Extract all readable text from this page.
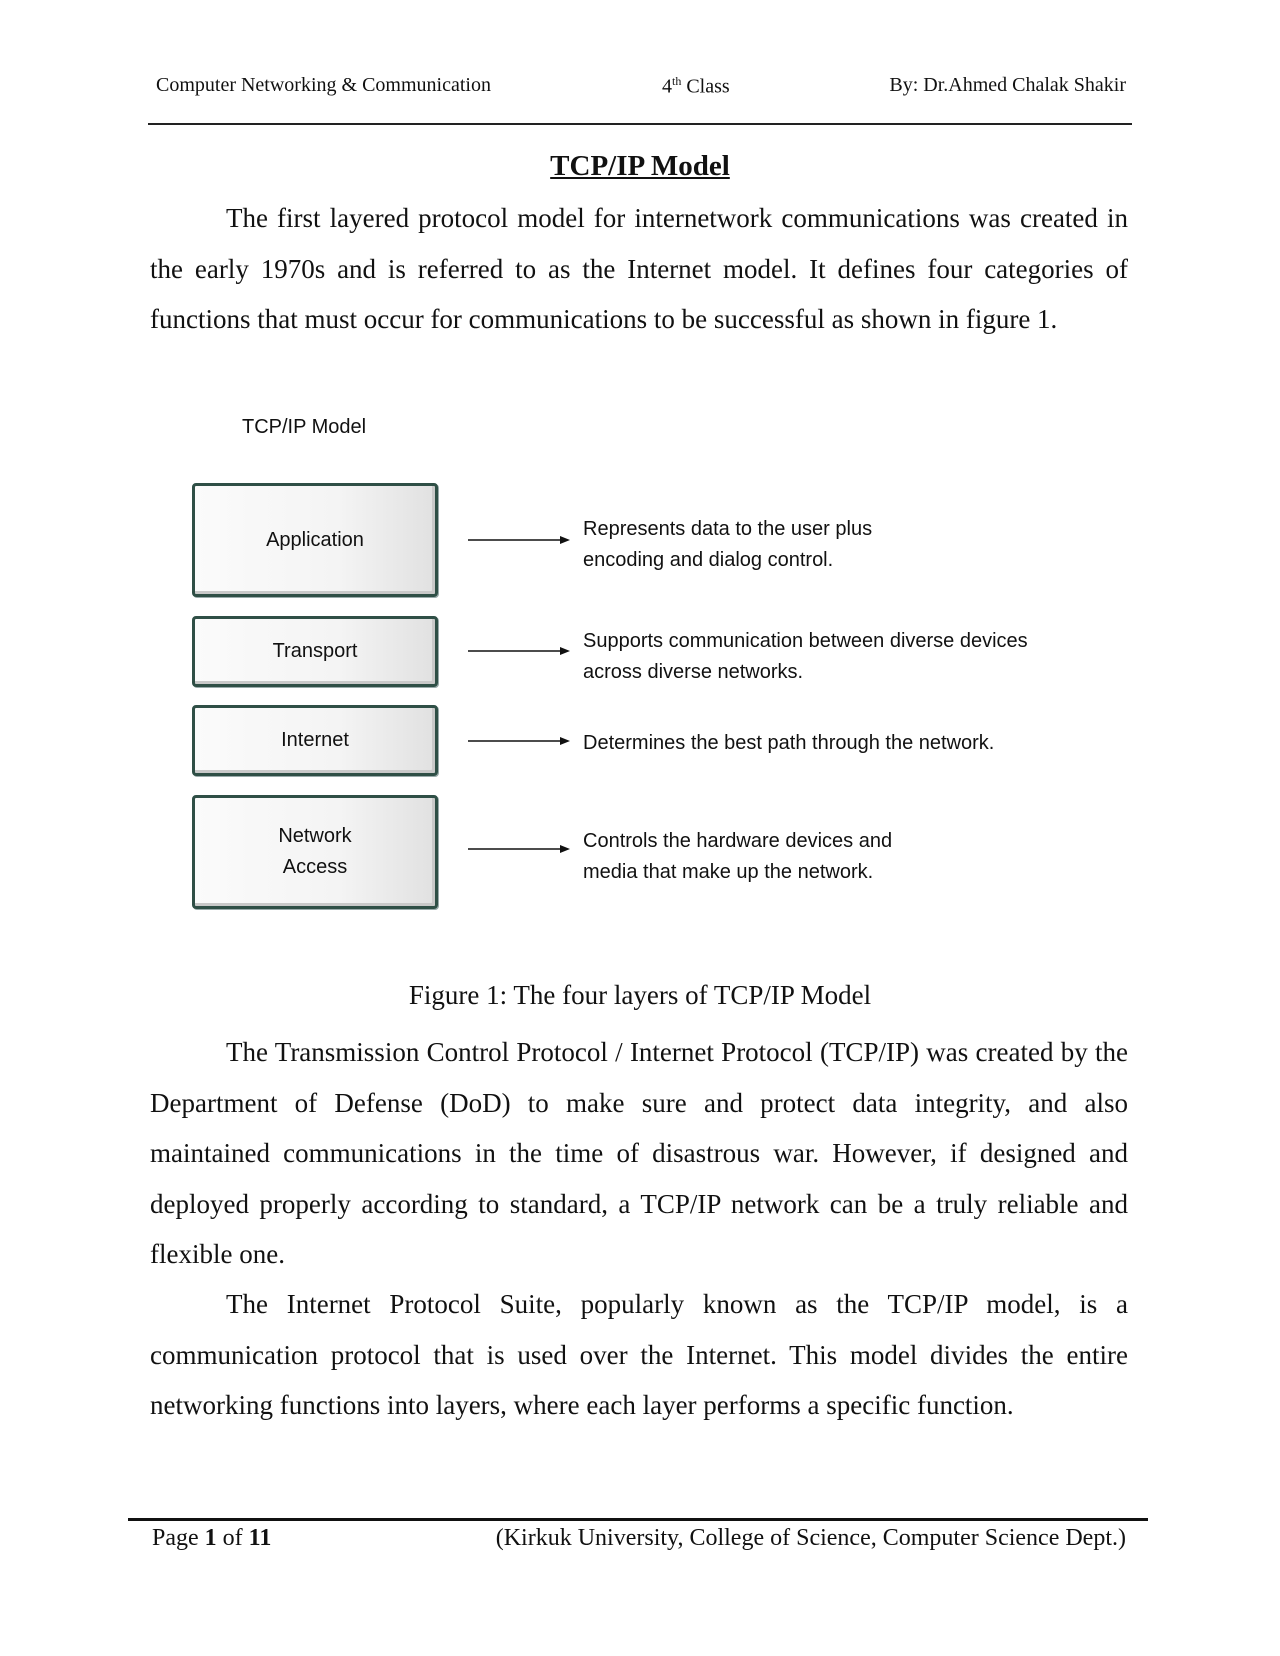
Computer Networking & Communication	4th Class	By: Dr.Ahmed Chalak Shakir
TCP/IP Model

The first layered protocol model for internetwork communications was created in the early 1970s and is referred to as the Internet model. It defines four categories of functions that must occur for communications to be successful as shown in figure 1.

TCP/IP Model
Application
Transport
Internet
Network
Access
Represents data to the user plus
encoding and dialog control.
Supports communication between diverse devices
across diverse networks.
Determines the best path through the network.
Controls the hardware devices and
media that make up the network.
Figure 1: The four layers of TCP/IP Model

The Transmission Control Protocol / Internet Protocol (TCP/IP) was created by the Department of Defense (DoD) to make sure and protect data integrity, and also maintained communications in the time of disastrous war. However, if designed and deployed properly according to standard, a TCP/IP network can be a truly reliable and flexible one.

The Internet Protocol Suite, popularly known as the TCP/IP model, is a communication protocol that is used over the Internet. This model divides the entire networking functions into layers, where each layer performs a specific function.

Page 1 of 11	(Kirkuk University, College of Science, Computer Science Dept.)
